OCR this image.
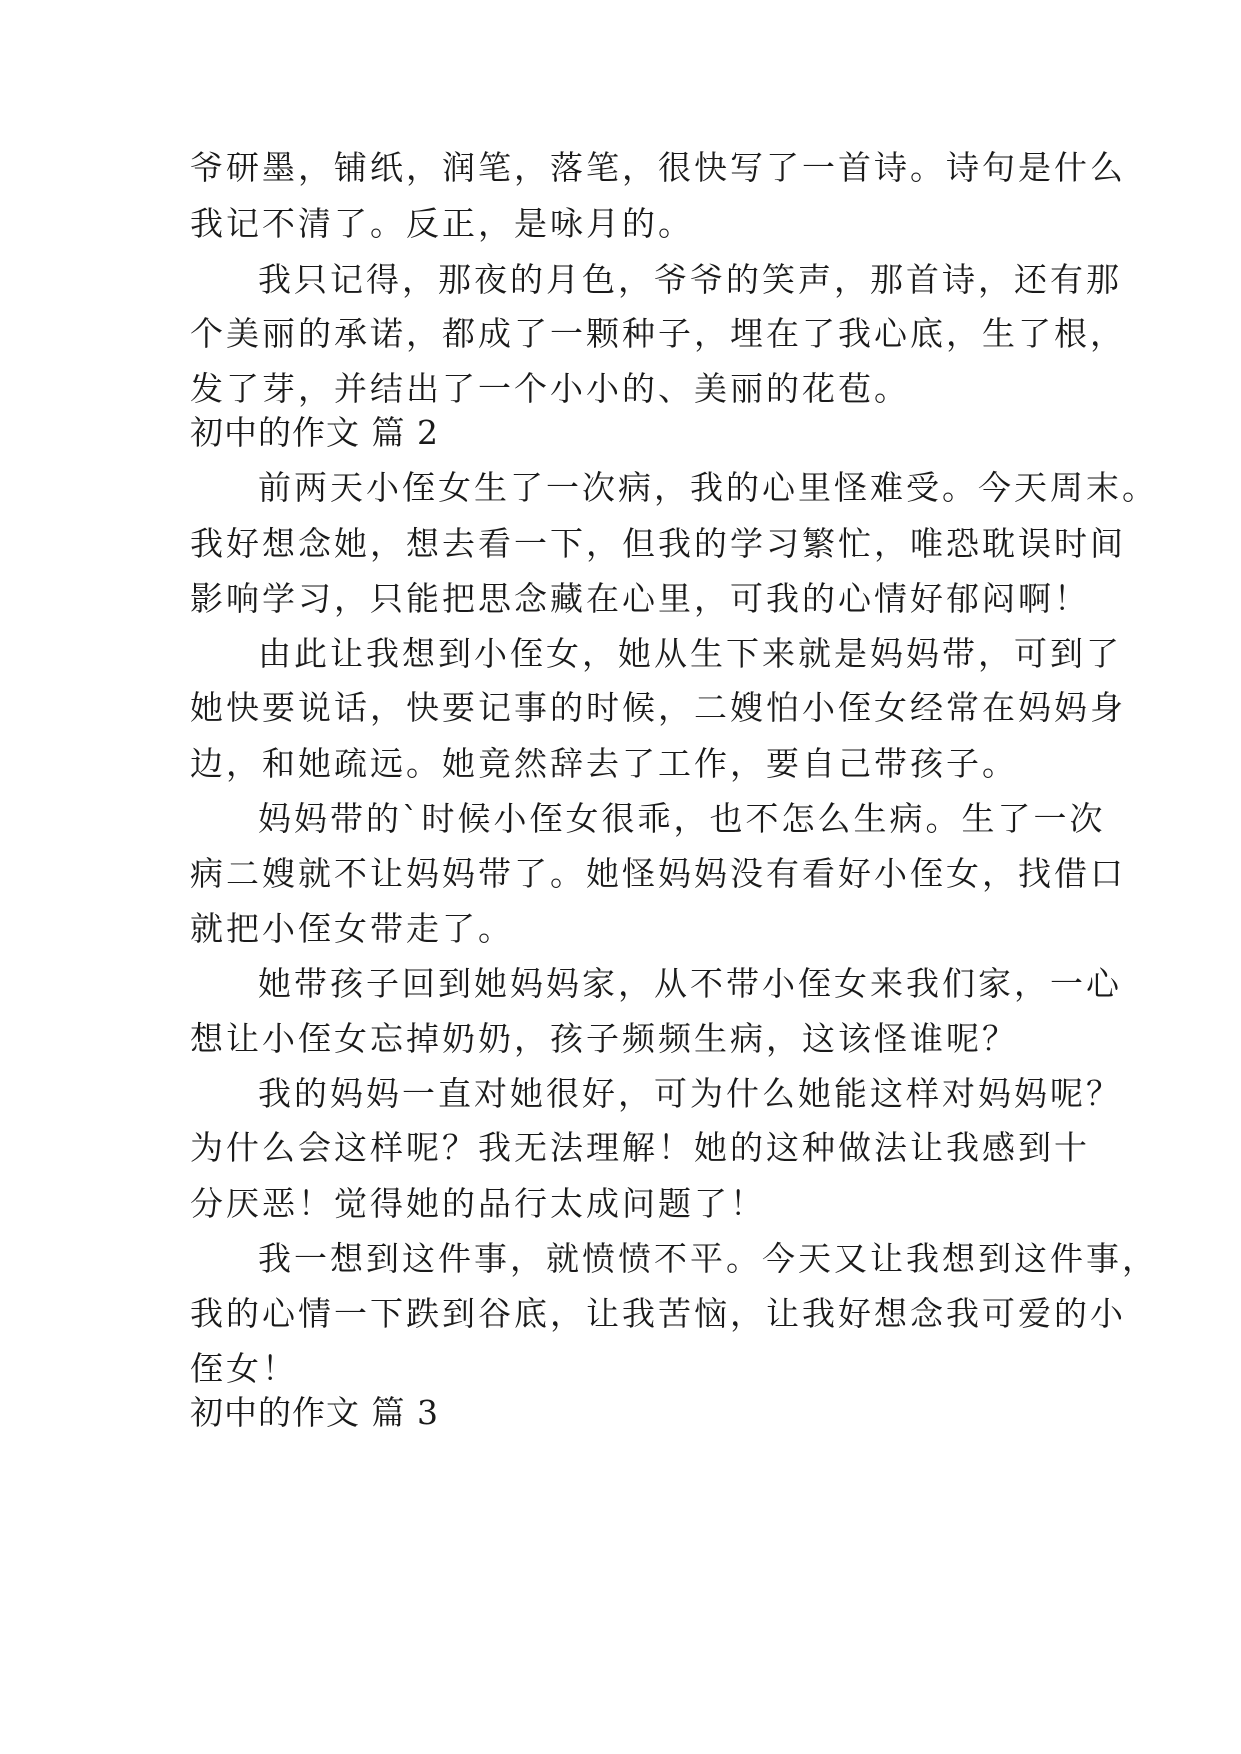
爷研墨，铺纸，润笔，落笔，很快写了一首诗。诗句是什么
我记不清了。反正，是咏月的。
我只记得，那夜的月色，爷爷的笑声，那首诗，还有那
个美丽的承诺，都成了一颗种子，埋在了我心底，生了根，
发了芽，并结出了一个小小的、美丽的花苞。
初中的作文 篇 2
前两天小侄女生了一次病，我的心里怪难受。今天周末。
我好想念她，想去看一下，但我的学习繁忙，唯恐耽误时间
影响学习，只能把思念藏在心里，可我的心情好郁闷啊！
由此让我想到小侄女，她从生下来就是妈妈带，可到了
她快要说话，快要记事的时候，二嫂怕小侄女经常在妈妈身
边，和她疏远。她竟然辞去了工作，要自己带孩子。
妈妈带的`时候小侄女很乖，也不怎么生病。生了一次
病二嫂就不让妈妈带了。她怪妈妈没有看好小侄女，找借口
就把小侄女带走了。
她带孩子回到她妈妈家，从不带小侄女来我们家，一心
想让小侄女忘掉奶奶，孩子频频生病，这该怪谁呢？
我的妈妈一直对她很好，可为什么她能这样对妈妈呢？
为什么会这样呢？我无法理解！她的这种做法让我感到十
分厌恶！觉得她的品行太成问题了！
我一想到这件事，就愤愤不平。今天又让我想到这件事，
我的心情一下跌到谷底，让我苦恼，让我好想念我可爱的小
侄女！
初中的作文 篇 3
